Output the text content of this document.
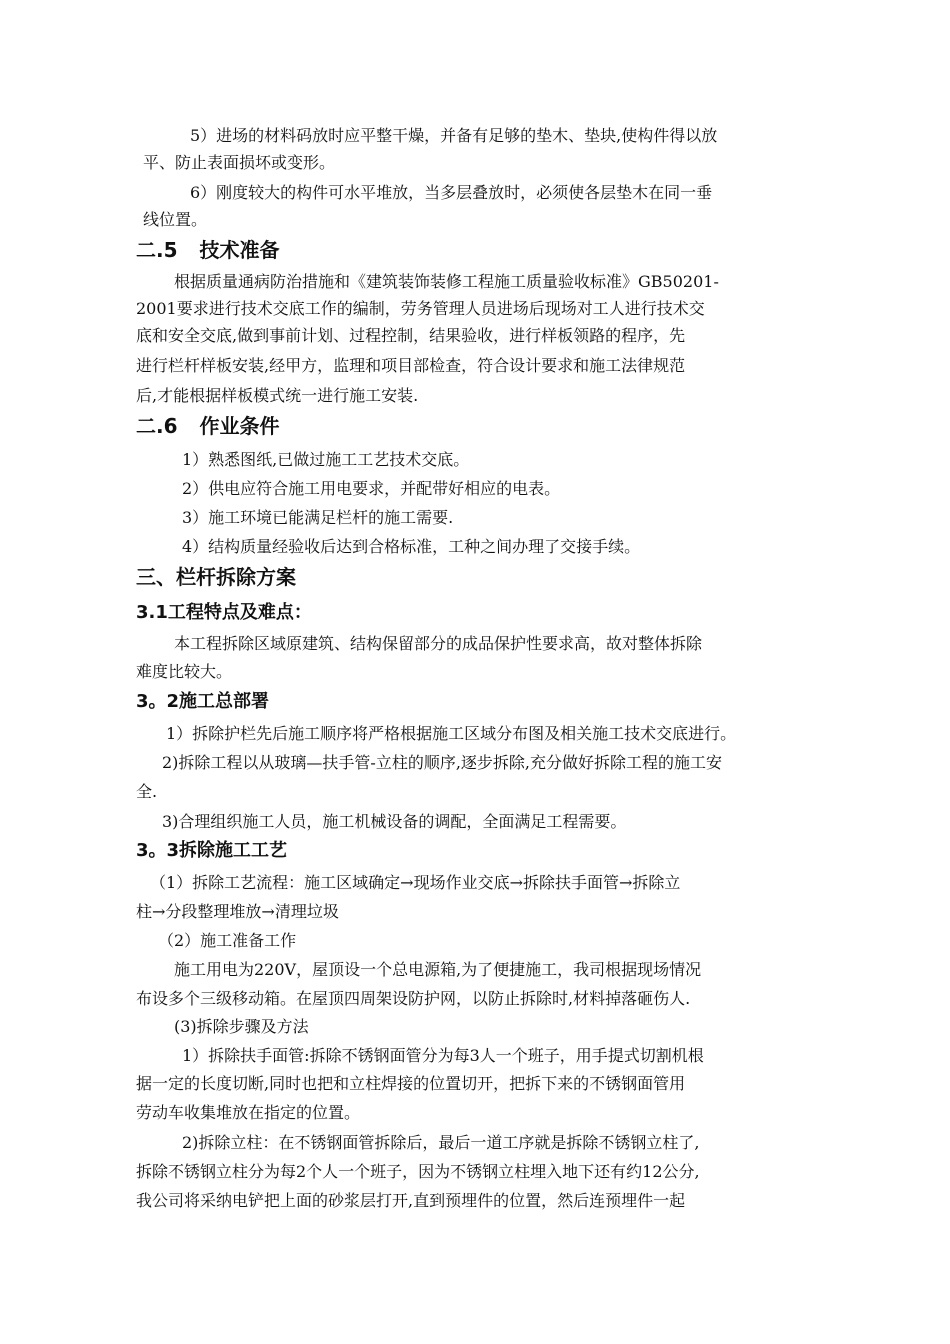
5）进场的材料码放时应平整干燥，并备有足够的垫木、垫块,使构件得以放
平、防止表面损坏或变形。
6）刚度较大的构件可水平堆放，当多层叠放时，必须使各层垫木在同一垂
线位置。
二.5 技术准备
根据质量通病防治措施和《建筑装饰装修工程施工质量验收标准》GB50201-
2001要求进行技术交底工作的编制，劳务管理人员进场后现场对工人进行技术交
底和安全交底,做到事前计划、过程控制，结果验收，进行样板领路的程序，先
进行栏杆样板安装,经甲方，监理和项目部检查，符合设计要求和施工法律规范
后,才能根据样板模式统一进行施工安装.
二.6 作业条件
1）熟悉图纸,已做过施工工艺技术交底。
2）供电应符合施工用电要求，并配带好相应的电表。
3）施工环境已能满足栏杆的施工需要.
4）结构质量经验收后达到合格标准，工种之间办理了交接手续。
三、栏杆拆除方案
3.1工程特点及难点：
本工程拆除区域原建筑、结构保留部分的成品保护性要求高，故对整体拆除
难度比较大。
3。2施工总部署
1）拆除护栏先后施工顺序将严格根据施工区域分布图及相关施工技术交底进行。
2)拆除工程以从玻璃—扶手管-立柱的顺序,逐步拆除,充分做好拆除工程的施工安
全.
3)合理组织施工人员，施工机械设备的调配，全面满足工程需要。
3。3拆除施工工艺
（1）拆除工艺流程：施工区域确定→现场作业交底→拆除扶手面管→拆除立
柱→分段整理堆放→清理垃圾
（2）施工准备工作
施工用电为220V，屋顶设一个总电源箱,为了便捷施工，我司根据现场情况
布设多个三级移动箱。在屋顶四周架设防护网，以防止拆除时,材料掉落砸伤人.
(3)拆除步骤及方法
1）拆除扶手面管:拆除不锈钢面管分为每3人一个班子，用手提式切割机根
据一定的长度切断,同时也把和立柱焊接的位置切开，把拆下来的不锈钢面管用
劳动车收集堆放在指定的位置。
2)拆除立柱：在不锈钢面管拆除后，最后一道工序就是拆除不锈钢立柱了,
拆除不锈钢立柱分为每2个人一个班子，因为不锈钢立柱埋入地下还有约12公分,
我公司将采纳电铲把上面的砂浆层打开,直到预埋件的位置，然后连预埋件一起
